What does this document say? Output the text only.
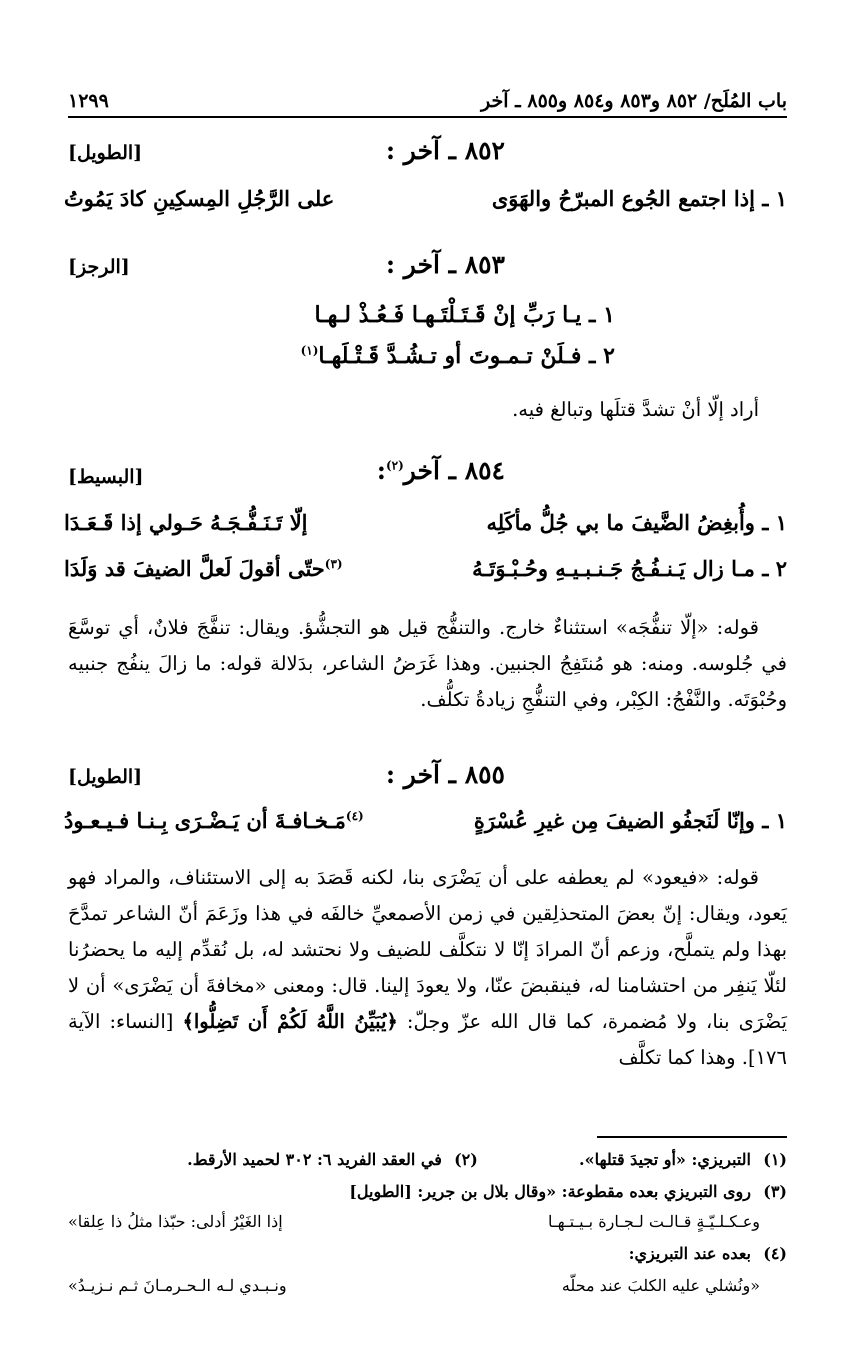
باب المُلَح/ ٨٥٢ و٨٥٣ و٨٥٤ و٨٥٥ ـ آخر
١٢٩٩
٨٥٢ ـ آخر :
[الطويل]
١ ـ إذا اجتمع الجُوع المبرّحُ والهَوَى
على الرَّجُلِ المِسكِينِ كادَ يَمُوتُ
٨٥٣ ـ آخر :
[الرجز]
١ ـ يـا رَبِّ إنْ قَـتَـلْتَـهـا فَـعُـذْ لـهـا
٢ ـ فـلَنْ تـمـوتَ أو تـشُـدَّ قَـتْـلَهـا$^{(١)}$

أراد إلّا أنْ تشدَّ قتلَها وتبالغ فيه.

٨٥٤ ـ آخر$^{(٢)}$:
[البسيط]
١ ـ وأُبغِضُ الضَّيفَ ما بي جُلُّ مأكَلِه
إلّا تَـنَـفُّـجَـهُ حَـولي إذا قَـعَـدَا
٢ ـ مـا زال يَـنـفُـجُ جَـنـبـيـهِ وحُـبْـوَتَـهُ
$^{(٣)}$حتّى أقولَ لَعلَّ الضيفَ قد وَلَدَا

قوله: «إلّا تنفُّجَه» استثناءٌ خارج. والتنفُّج قيل هو التجشُّؤ. ويقال: تنفَّجَ فلانٌ، أي توسَّعَ في جُلوسه. ومنه: هو مُنتَفِجُ الجنبين. وهذا غَرَضُ الشاعر، بدَلالة قوله: ما زالَ ينفُج جنبيه وحُبْوَتَه. والنَّفْجُ: الكِبْر، وفي التنفُّجِ زيادةُ تكلُّف.

٨٥٥ ـ آخر :
[الطويل]
١ ـ وإنّا لَنَجفُو الضيفَ مِن غيرِ عُسْرَةٍ
$^{(٤)}$مَـخـافـةَ أن يَـضْـرَى بِـنـا فـيـعـودُ

قوله: «فيعود» لم يعطفه على أن يَضْرَى بنا، لكنه قَصَدَ به إلى الاستئناف، والمراد فهو يَعود، ويقال: إنّ بعضَ المتحذلِقين في زمن الأصمعيِّ خالفَه في هذا وزَعَمَ أنّ الشاعر تمدَّحَ بهذا ولم يتملَّح، وزعم أنّ المرادَ إنّا لا نتكلَّف للضيف ولا نحتشد له، بل نُقدِّم إليه ما يحضرُنا لئلّا يَنفِر من احتشامنا له، فينقبضَ عنّا، ولا يعودَ إلينا. قال: ومعنى «مخافةَ أن يَضْرَى» أن لا يَضْرَى بنا، ولا مُضمرة، كما قال الله عزّ وجلّ: ﴿يُبَيِّنُ اللَّهُ لَكُمْ أَن تَضِلُّوا﴾ [النساء: الآية ١٧٦]. وهذا كما تكلَّف

(١)التبريزي: «أو تجيدَ قتلها».  (٢)في العقد الفريد ٦: ٣٠٢ لحميد الأرقط.
(٣)روى التبريزي بعده مقطوعة: «وقال بلال بن جرير: [الطويل]
وعـكـلـيّـةٍ قـالـت لـجـارة بـيـتـهـا
إذا الغَيْرُ أدلى: حبّذا مثلُ ذا عِلقا»
(٤)بعده عند التبريزي:
«ونُشلي عليه الكلبَ عند محلّه
ونـبـدي لـه الـحـرمـانَ ثـم نـزيـدُ»
